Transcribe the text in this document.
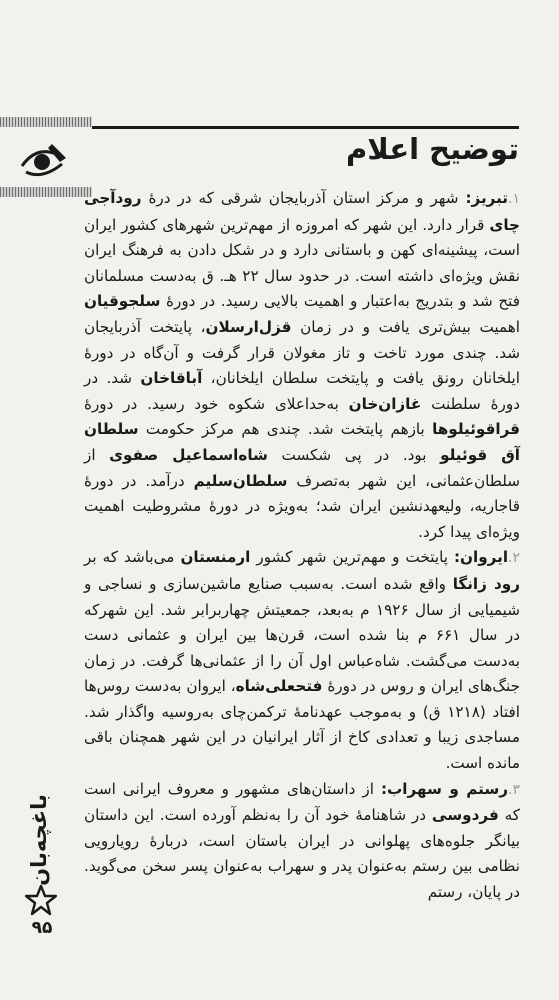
توضیح اعلام

۱.تبریز: شهر و مرکز استان آذربایجان شرقی که در درهٔ رودآجی چای قرار دارد. این شهر که امروزه از مهم‌ترین شهرهای کشور ایران است، پیشینه‌ای کهن و باستانی دارد و در شکل دادن به فرهنگ ایران نقش ویژه‌ای داشته است. در حدود سال ۲۲ هـ. ق به‌دست مسلمانان فتح شد و بتدریج به‌اعتبار و اهمیت بالایی رسید. در دورهٔ سلجوقیان اهمیت بیش‌تری یافت و در زمان قزل‌ارسلان، پایتخت آذربایجان شد. چندی مورد تاخت و تاز مغولان قرار گرفت و آن‌گاه در دورهٔ ایلخانان رونق یافت و پایتخت سلطان ایلخانان، آباقاخان شد. در دورهٔ سلطنت غازان‌خان به‌حداعلای شکوه خود رسید. در دورهٔ قراقوئیلوها بازهم پایتخت شد. چندی هم مرکز حکومت سلطان آق قوئیلو بود. در پی شکست شاه‌اسماعیل صفوی از سلطان‌عثمانی، این شهر به‌تصرف سلطان‌سلیم درآمد. در دورهٔ قاجاریه، ولیعهدنشین ایران شد؛ به‌ویژه در دورهٔ مشروطیت اهمیت ویژه‌ای پیدا کرد.

۲.ایروان: پایتخت و مهم‌ترین شهر کشور ارمنستان می‌باشد که بر رود زانگا واقع شده است. به‌سبب صنایع ماشین‌سازی و نساجی و شیمیایی از سال ۱۹۲۶ م به‌بعد، جمعیتش چهاربرابر شد. این شهرکه در سال ۶۶۱ م بنا شده است، قرن‌ها بین ایران و عثمانی دست به‌دست می‌گشت. شاه‌عباس اول آن را از عثمانی‌ها گرفت. در زمان جنگ‌های ایران و روس در دورهٔ فتحعلی‌شاه، ایروان به‌دست روس‌ها افتاد (۱۲۱۸ ق) و به‌موجب عهدنامهٔ ترکمن‌چای به‌روسیه واگذار شد. مساجدی زیبا و تعدادی کاخ از آثار ایرانیان در این شهر همچنان باقی مانده است.

۳.رستم و سهراب: از داستان‌های مشهور و معروف ایرانی است که فردوسی در شاهنامهٔ خود آن را به‌نظم آورده است. این داستان بیانگر جلوه‌های پهلوانی در ایران باستان است، دربارهٔ رویارویی نظامی بین رستم به‌عنوان پدر و سهراب به‌عنوان پسر سخن می‌گوید. در پایان، رستم

باغچه‌بان
۹۵
